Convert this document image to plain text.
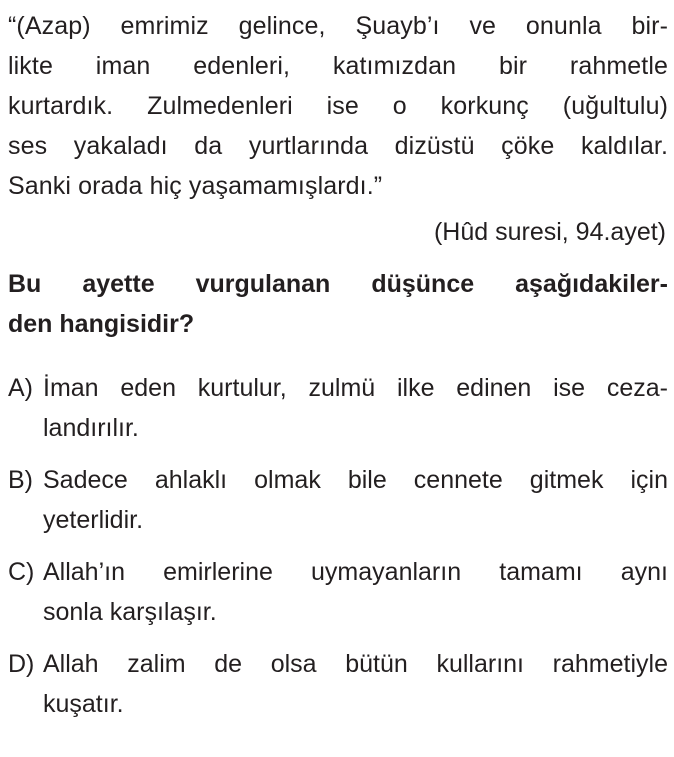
“(Azap) emrimiz gelince, Şuayb’ı ve onunla bir-
likte iman edenleri, katımızdan bir rahmetle
kurtardık. Zulmedenleri ise o korkunç (uğultulu)
ses yakaladı da yurtlarında dizüstü çöke kaldılar.
Sanki orada hiç yaşamamışlardı.”

(Hûd suresi, 94.ayet)

Bu ayette vurgulanan düşünce aşağıdakiler-
den hangisidir?

A) İman eden kurtulur, zulmü ilke edinen ise ceza-
landırılır.
B) Sadece ahlaklı olmak bile cennete gitmek için
yeterlidir.
C) Allah’ın emirlerine uymayanların tamamı aynı
sonla karşılaşır.
D) Allah zalim de olsa bütün kullarını rahmetiyle
kuşatır.
